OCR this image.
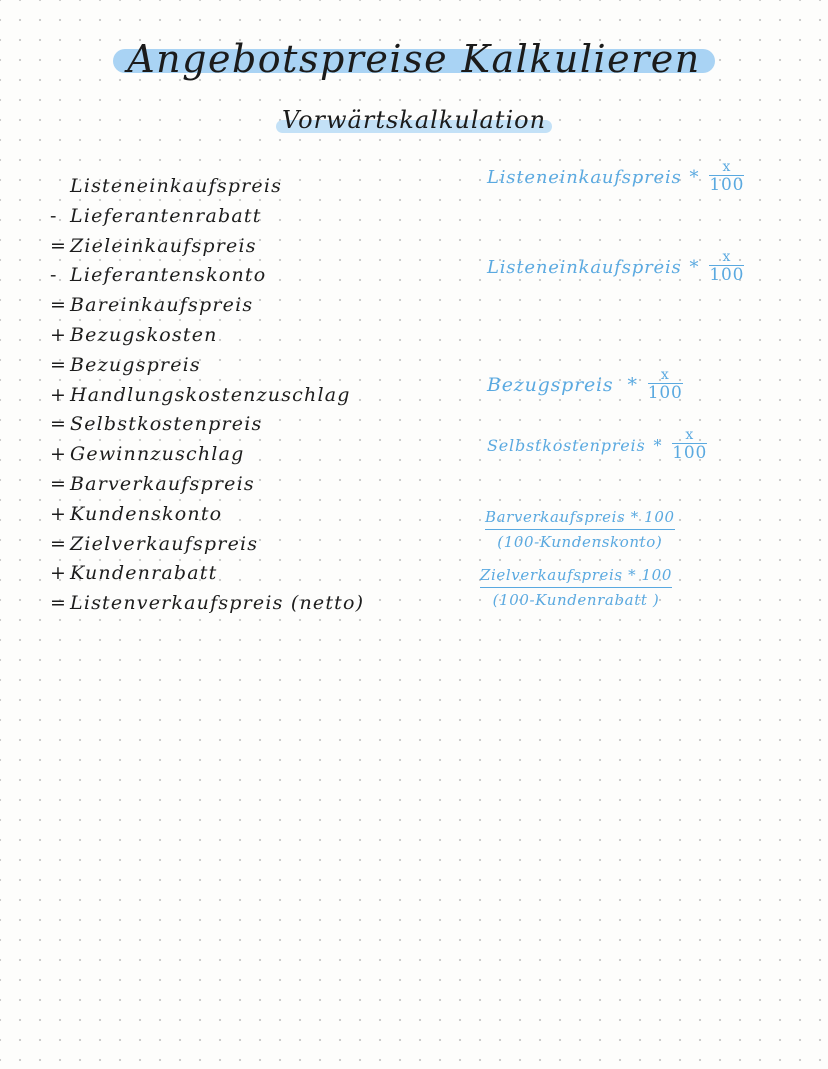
Angebotspreise Kalkulieren
Vorwärtskalkulation
Listeneinkaufspreis
- Lieferantenrabatt
= Zieleinkaufspreis
- Lieferantenskonto
= Bareinkaufspreis
+ Bezugskosten
= Bezugspreis
+ Handlungskostenzuschlag
= Selbstkostenpreis
+ Gewinnzuschlag
= Barverkaufspreis
+ Kundenskonto
= Zielverkaufspreis
+ Kundenrabatt
= Listenverkaufspreis (netto)
Listeneinkaufspreis * $\frac{x}{100}$
Listeneinkaufspreis * $\frac{x}{100}$
Bezugspreis * $\frac{x}{100}$
Selbstkostenpreis * $\frac{x}{100}$
Barverkaufspreis * 100
(100-Kundenskonto)
Zielverkaufspreis * 100
(100-Kundenrabatt )
